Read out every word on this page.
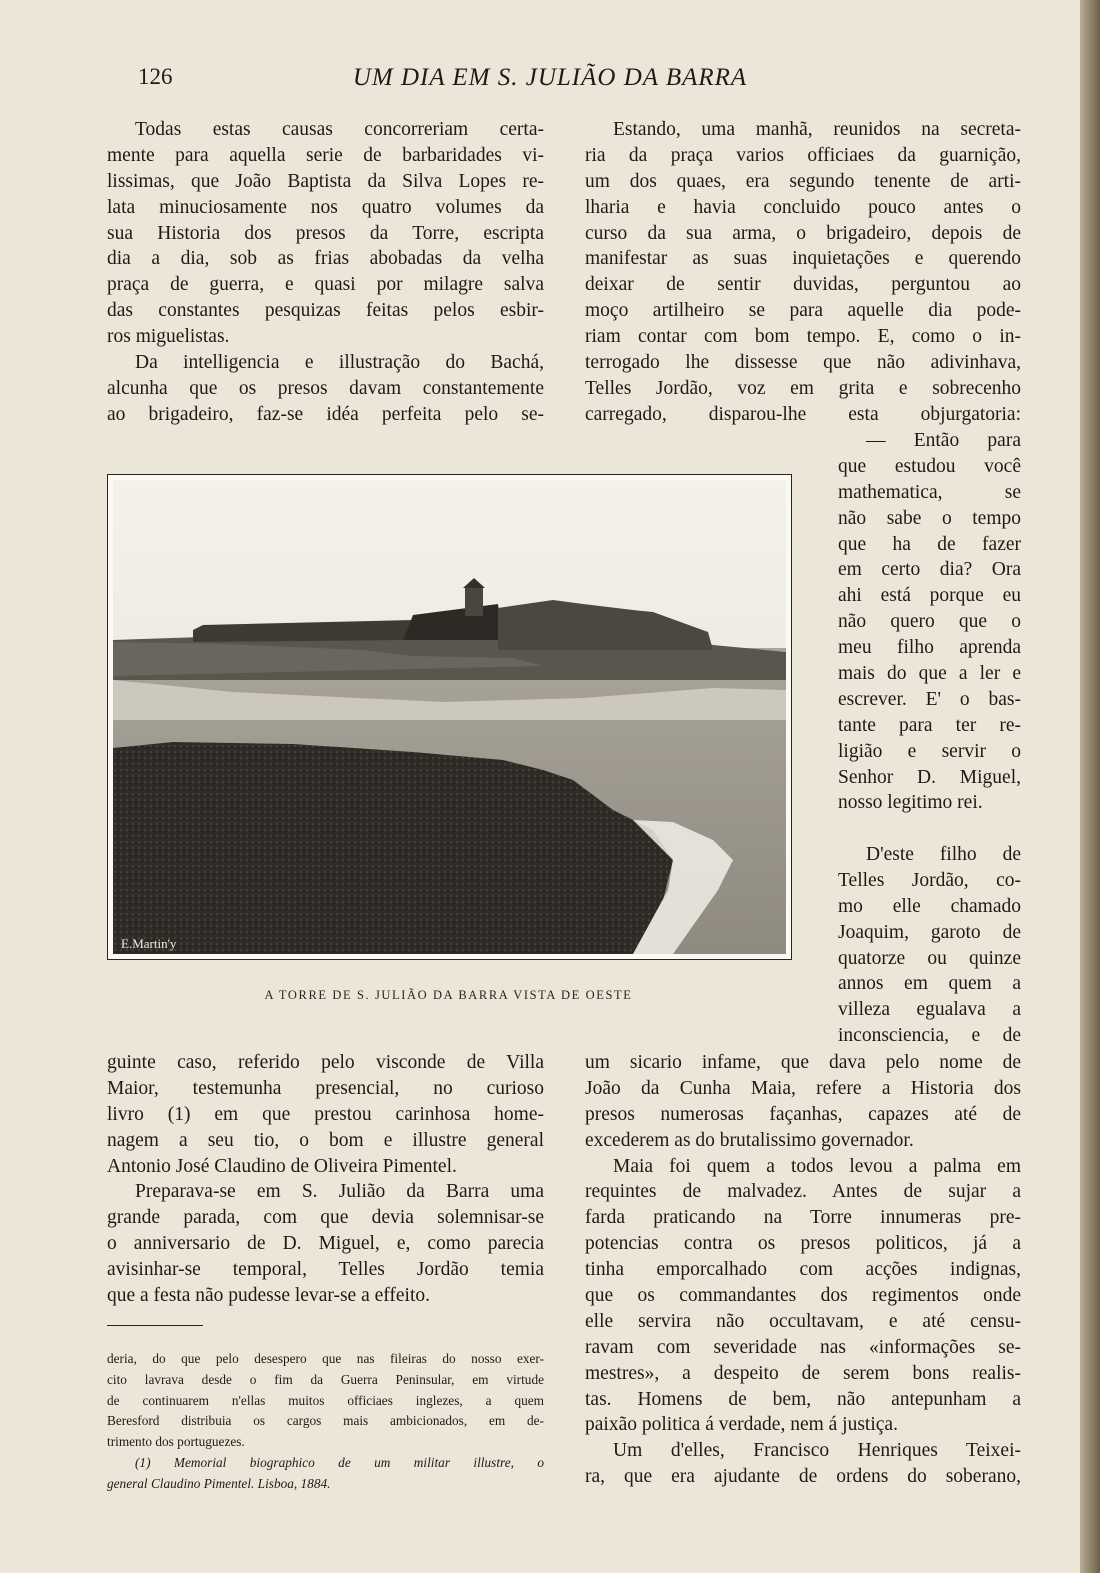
126	UM DIA EM S. JULIÃO DA BARRA
Todas estas causas concorreriam certa-
mente para aquella serie de barbaridades vi-
lissimas, que João Baptista da Silva Lopes re-
lata minuciosamente nos quatro volumes da
sua Historia dos presos da Torre, escripta
dia a dia, sob as frias abobadas da velha
praça de guerra, e quasi por milagre salva
das constantes pesquizas feitas pelos esbir-
ros miguelistas.
Da intelligencia e illustração do Bachá,
alcunha que os presos davam constantemente
ao brigadeiro, faz-se idéa perfeita pelo se-
Estando, uma manhã, reunidos na secreta-
ria da praça varios officiaes da guarnição,
um dos quaes, era segundo tenente de arti-
lharia e havia concluido pouco antes o
curso da sua arma, o brigadeiro, depois de
manifestar as suas inquietações e querendo
deixar de sentir duvidas, perguntou ao
moço artilheiro se para aquelle dia pode-
riam contar com bom tempo. E, como o in-
terrogado lhe dissesse que não adivinhava,
Telles Jordão, voz em grita e sobrecenho
carregado, disparou-lhe esta objurgatoria:
— Então para
que estudou você
mathematica, se
não sabe o tempo
que ha de fazer
em certo dia? Ora
ahi está porque eu
não quero que o
meu filho aprenda
mais do que a ler e
escrever. E' o bas-
tante para ter re-
ligião e servir o
Senhor D. Miguel,
nosso legitimo rei.
D'este filho de
Telles Jordão, co-
mo elle chamado
Joaquim, garoto de
quatorze ou quinze
annos em quem a
villeza egualava a
inconsciencia, e de
E.Martin'y
A TORRE DE S. JULIÃO DA BARRA VISTA DE OESTE
guinte caso, referido pelo visconde de Villa
Maior, testemunha presencial, no curioso
livro (1) em que prestou carinhosa home-
nagem a seu tio, o bom e illustre general
Antonio José Claudino de Oliveira Pimentel.
Preparava-se em S. Julião da Barra uma
grande parada, com que devia solemnisar-se
o anniversario de D. Miguel, e, como parecia
avisinhar-se temporal, Telles Jordão temia
que a festa não pudesse levar-se a effeito.
deria, do que pelo desespero que nas fileiras do nosso exer-
cito lavrava desde o fim da Guerra Peninsular, em virtude
de continuarem n'ellas muitos officiaes inglezes, a quem
Beresford distribuia os cargos mais ambicionados, em de-
trimento dos portuguezes.
(1) Memorial biographico de um militar illustre, o
general Claudino Pimentel. Lisboa, 1884.
um sicario infame, que dava pelo nome de
João da Cunha Maia, refere a Historia dos
presos numerosas façanhas, capazes até de
excederem as do brutalissimo governador.
Maia foi quem a todos levou a palma em
requintes de malvadez. Antes de sujar a
farda praticando na Torre innumeras pre-
potencias contra os presos politicos, já a
tinha emporcalhado com acções indignas,
que os commandantes dos regimentos onde
elle servira não occultavam, e até censu-
ravam com severidade nas «informações se-
mestres», a despeito de serem bons realis-
tas. Homens de bem, não antepunham a
paixão politica á verdade, nem á justiça.
Um d'elles, Francisco Henriques Teixei-
ra, que era ajudante de ordens do soberano,
